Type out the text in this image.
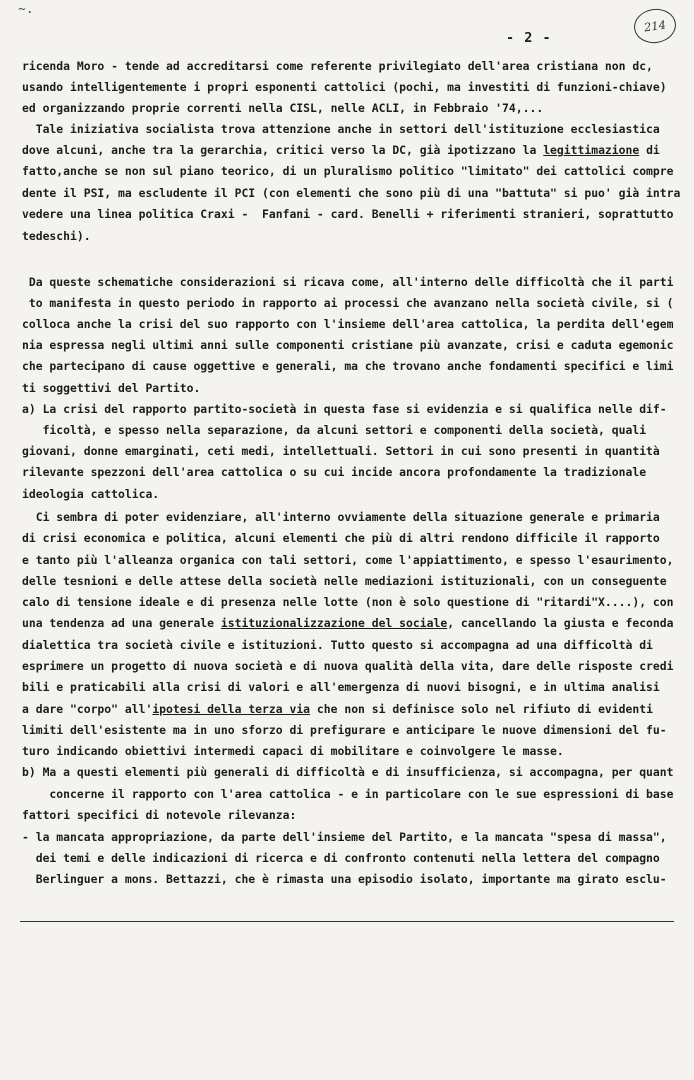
~.
- 2 -
214
ricenda Moro - tende ad accreditarsi come referente privilegiato dell'area cristiana non dc,
usando intelligentemente i propri esponenti cattolici (pochi, ma investiti di funzioni-chiave)
ed organizzando proprie correnti nella CISL, nelle ACLI, in Febbraio '74,...
Tale iniziativa socialista trova attenzione anche in settori dell'istituzione ecclesiastica
dove alcuni, anche tra la gerarchia, critici verso la DC, già ipotizzano la legittimazione di
fatto,anche se non sul piano teorico, di un pluralismo politico "limitato" dei cattolici compre
dente il PSI, ma escludente il PCI (con elementi che sono più di una "battuta" si puo' già intra
vedere una linea politica Craxi -  Fanfani - card. Benelli + riferimenti stranieri, soprattutto
tedeschi).
Da queste schematiche considerazioni si ricava come, all'interno delle difficoltà che il parti
to manifesta in questo periodo in rapporto ai processi che avanzano nella società civile, si (
colloca anche la crisi del suo rapporto con l'insieme dell'area cattolica, la perdita dell'egem
nia espressa negli ultimi anni sulle componenti cristiane più avanzate, crisi e caduta egemonic
che partecipano di cause oggettive e generali, ma che trovano anche fondamenti specifici e limi
ti soggettivi del Partito.
a) La crisi del rapporto partito-società in questa fase si evidenzia e si qualifica nelle dif-
ficoltà, e spesso nella separazione, da alcuni settori e componenti della società, quali
giovani, donne emarginati, ceti medi, intellettuali. Settori in cui sono presenti in quantità
rilevante spezzoni dell'area cattolica o su cui incide ancora profondamente la tradizionale
ideologia cattolica.
Ci sembra di poter evidenziare, all'interno ovviamente della situazione generale e primaria
di crisi economica e politica, alcuni elementi che più di altri rendono difficile il rapporto
e tanto più l'alleanza organica con tali settori, come l'appiattimento, e spesso l'esaurimento,
delle tesnioni e delle attese della società nelle mediazioni istituzionali, con un conseguente
calo di tensione ideale e di presenza nelle lotte (non è solo questione di "ritardi"X....), con
una tendenza ad una generale istituzionalizzazione del sociale, cancellando la giusta e feconda
dialettica tra società civile e istituzioni. Tutto questo si accompagna ad una difficoltà di
esprimere un progetto di nuova società e di nuova qualità della vita, dare delle risposte credi
bili e praticabili alla crisi di valori e all'emergenza di nuovi bisogni, e in ultima analisi
a dare "corpo" all'ipotesi della terza via che non si definisce solo nel rifiuto di evidenti
limiti dell'esistente ma in uno sforzo di prefigurare e anticipare le nuove dimensioni del fu-
turo indicando obiettivi intermedi capaci di mobilitare e coinvolgere le masse.
b) Ma a questi elementi più generali di difficoltà e di insufficienza, si accompagna, per quant
concerne il rapporto con l'area cattolica - e in particolare con le sue espressioni di base
fattori specifici di notevole rilevanza:
- la mancata appropriazione, da parte dell'insieme del Partito, e la mancata "spesa di massa",
dei temi e delle indicazioni di ricerca e di confronto contenuti nella lettera del compagno
Berlinguer a mons. Bettazzi, che è rimasta una episodio isolato, importante ma girato esclu-
